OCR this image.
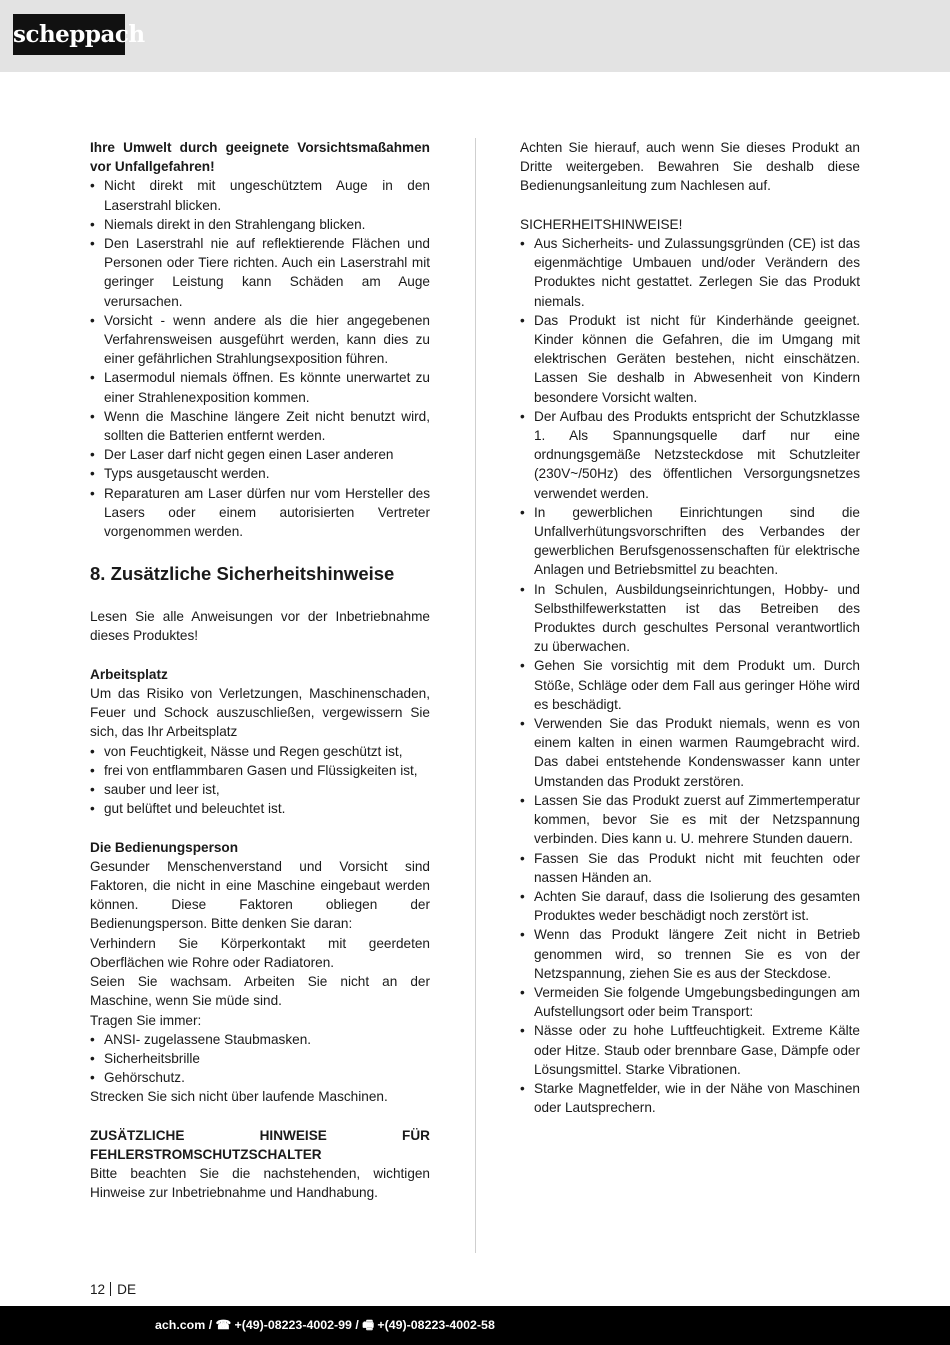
scheppach

Ihre Umwelt durch geeignete Vorsichtsmaßahmen vor Unfallgefahren!

• Nicht direkt mit ungeschütztem Auge in den Laserstrahl blicken.
• Niemals direkt in den Strahlengang blicken.
• Den Laserstrahl nie auf reflektierende Flächen und Personen oder Tiere richten. Auch ein Laserstrahl mit geringer Leistung kann Schäden am Auge verursachen.
• Vorsicht - wenn andere als die hier angegebenen Verfahrensweisen ausgeführt werden, kann dies zu einer gefährlichen Strahlungsexposition führen.
• Lasermodul niemals öffnen. Es könnte unerwartet zu einer Strahlenexposition kommen.
• Wenn die Maschine längere Zeit nicht benutzt wird, sollten die Batterien entfernt werden.
• Der Laser darf nicht gegen einen Laser anderen
• Typs ausgetauscht werden.
• Reparaturen am Laser dürfen nur vom Hersteller des Lasers oder einem autorisierten Vertreter vorgenommen werden.
8. Zusätzliche Sicherheitshinweise

Lesen Sie alle Anweisungen vor der Inbetriebnahme dieses Produktes!

Arbeitsplatz

Um das Risiko von Verletzungen, Maschinenschaden, Feuer und Schock auszuschließen, vergewissern Sie sich, das Ihr Arbeitsplatz

• von Feuchtigkeit, Nässe und Regen geschützt ist,
• frei von entflammbaren Gasen und Flüssigkeiten ist,
• sauber und leer ist,
• gut belüftet und beleuchtet ist.

Die Bedienungsperson

Gesunder Menschenverstand und Vorsicht sind Faktoren, die nicht in eine Maschine eingebaut werden können. Diese Faktoren obliegen der Bedienungsperson. Bitte denken Sie daran:

Verhindern Sie Körperkontakt mit geerdeten Oberflächen wie Rohre oder Radiatoren.

Seien Sie wachsam. Arbeiten Sie nicht an der Maschine, wenn Sie müde sind.

Tragen Sie immer:

• ANSI- zugelassene Staubmasken.
• Sicherheitsbrille
• Gehörschutz.

Strecken Sie sich nicht über laufende Maschinen.

ZUSÄTZLICHE HINWEISE FÜR FEHLERSTROMSCHUTZSCHALTER

Bitte beachten Sie die nachstehenden, wichtigen Hinweise zur Inbetriebnahme und Handhabung.

Achten Sie hierauf, auch wenn Sie dieses Produkt an Dritte weitergeben. Bewahren Sie deshalb diese Bedienungsanleitung zum Nachlesen auf.

SICHERHEITSHINWEISE!

• Aus Sicherheits- und Zulassungsgründen (CE) ist das eigenmächtige Umbauen und/oder Verändern des Produktes nicht gestattet. Zerlegen Sie das Produkt niemals.
• Das Produkt ist nicht für Kinderhände geeignet. Kinder können die Gefahren, die im Umgang mit elektrischen Geräten bestehen, nicht einschätzen. Lassen Sie deshalb in Abwesenheit von Kindern besondere Vorsicht walten.
• Der Aufbau des Produkts entspricht der Schutzklasse 1. Als Spannungsquelle darf nur eine ordnungsgemäße Netzsteckdose mit Schutzleiter (230V~/50Hz) des öffentlichen Versorgungsnetzes verwendet werden.
• In gewerblichen Einrichtungen sind die Unfallverhütungsvorschriften des Verbandes der gewerblichen Berufsgenossenschaften für elektrische Anlagen und Betriebsmittel zu beachten.
• In Schulen, Ausbildungseinrichtungen, Hobby- und Selbsthilfewerkstatten ist das Betreiben des Produktes durch geschultes Personal verantwortlich zu überwachen.
• Gehen Sie vorsichtig mit dem Produkt um. Durch Stöße, Schläge oder dem Fall aus geringer Höhe wird es beschädigt.
• Verwenden Sie das Produkt niemals, wenn es von einem kalten in einen warmen Raumgebracht wird. Das dabei entstehende Kondenswasser kann unter Umstanden das Produkt zerstören.
• Lassen Sie das Produkt zuerst auf Zimmertemperatur kommen, bevor Sie es mit der Netzspannung verbinden. Dies kann u. U. mehrere Stunden dauern.
• Fassen Sie das Produkt nicht mit feuchten oder nassen Händen an.
• Achten Sie darauf, dass die Isolierung des gesamten Produktes weder beschädigt noch zerstört ist.
• Wenn das Produkt längere Zeit nicht in Betrieb genommen wird, so trennen Sie es von der Netzspannung, ziehen Sie es aus der Steckdose.
• Vermeiden Sie folgende Umgebungsbedingungen am Aufstellungsort oder beim Transport:
• Nässe oder zu hohe Luftfeuchtigkeit. Extreme Kälte oder Hitze. Staub oder brennbare Gase, Dämpfe oder Lösungsmittel. Starke Vibrationen.
• Starke Magnetfelder, wie in der Nähe von Maschinen oder Lautsprechern.
12 DE
ach.com / ☎ +(49)-08223-4002-99 / 🖷 +(49)-08223-4002-58
